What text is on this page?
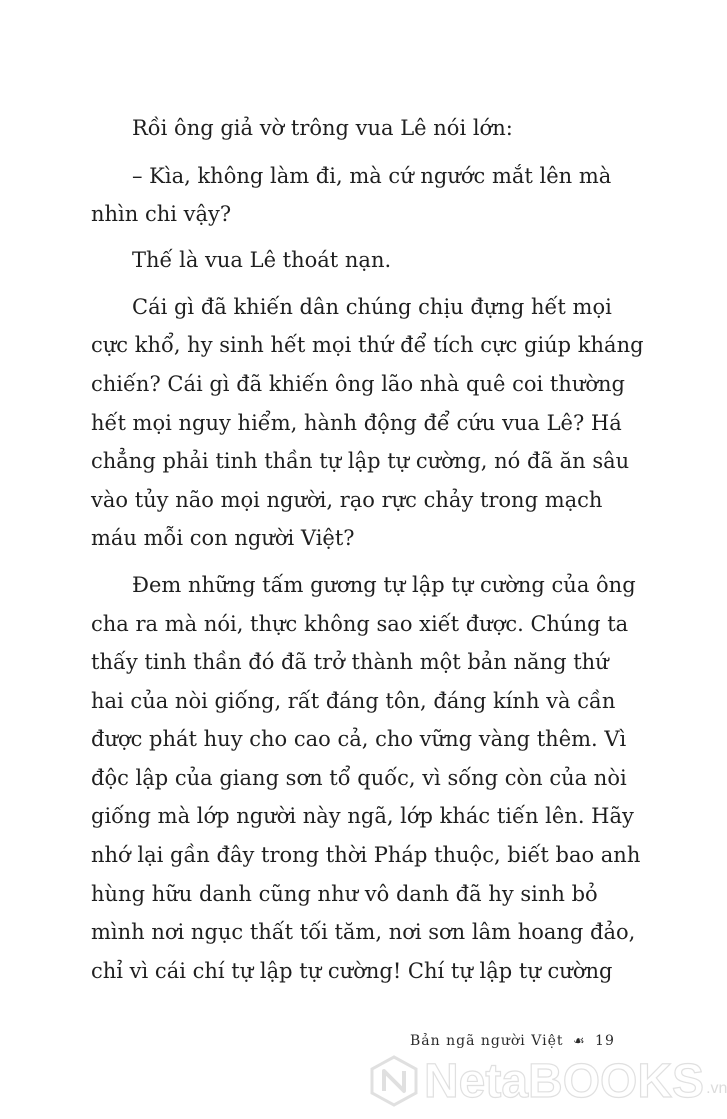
Rồi ông giả vờ trông vua Lê nói lớn:
– Kìa, không làm đi, mà cứ ngước mắt lên mà
nhìn chi vậy?
Thế là vua Lê thoát nạn.
Cái gì đã khiến dân chúng chịu đựng hết mọi
cực khổ, hy sinh hết mọi thứ để tích cực giúp kháng
chiến? Cái gì đã khiến ông lão nhà quê coi thường
hết mọi nguy hiểm, hành động để cứu vua Lê? Há
chẳng phải tinh thần tự lập tự cường, nó đã ăn sâu
vào tủy não mọi người, rạo rực chảy trong mạch
máu mỗi con người Việt?
Đem những tấm gương tự lập tự cường của ông
cha ra mà nói, thực không sao xiết được. Chúng ta
thấy tinh thần đó đã trở thành một bản năng thứ
hai của nòi giống, rất đáng tôn, đáng kính và cần
được phát huy cho cao cả, cho vững vàng thêm. Vì
độc lập của giang sơn tổ quốc, vì sống còn của nòi
giống mà lớp người này ngã, lớp khác tiến lên. Hãy
nhớ lại gần đây trong thời Pháp thuộc, biết bao anh
hùng hữu danh cũng như vô danh đã hy sinh bỏ
mình nơi ngục thất tối tăm, nơi sơn lâm hoang đảo,
chỉ vì cái chí tự lập tự cường! Chí tự lập tự cường
Bản ngã người Việt ☙ 19
NetaBOOKS .vn
